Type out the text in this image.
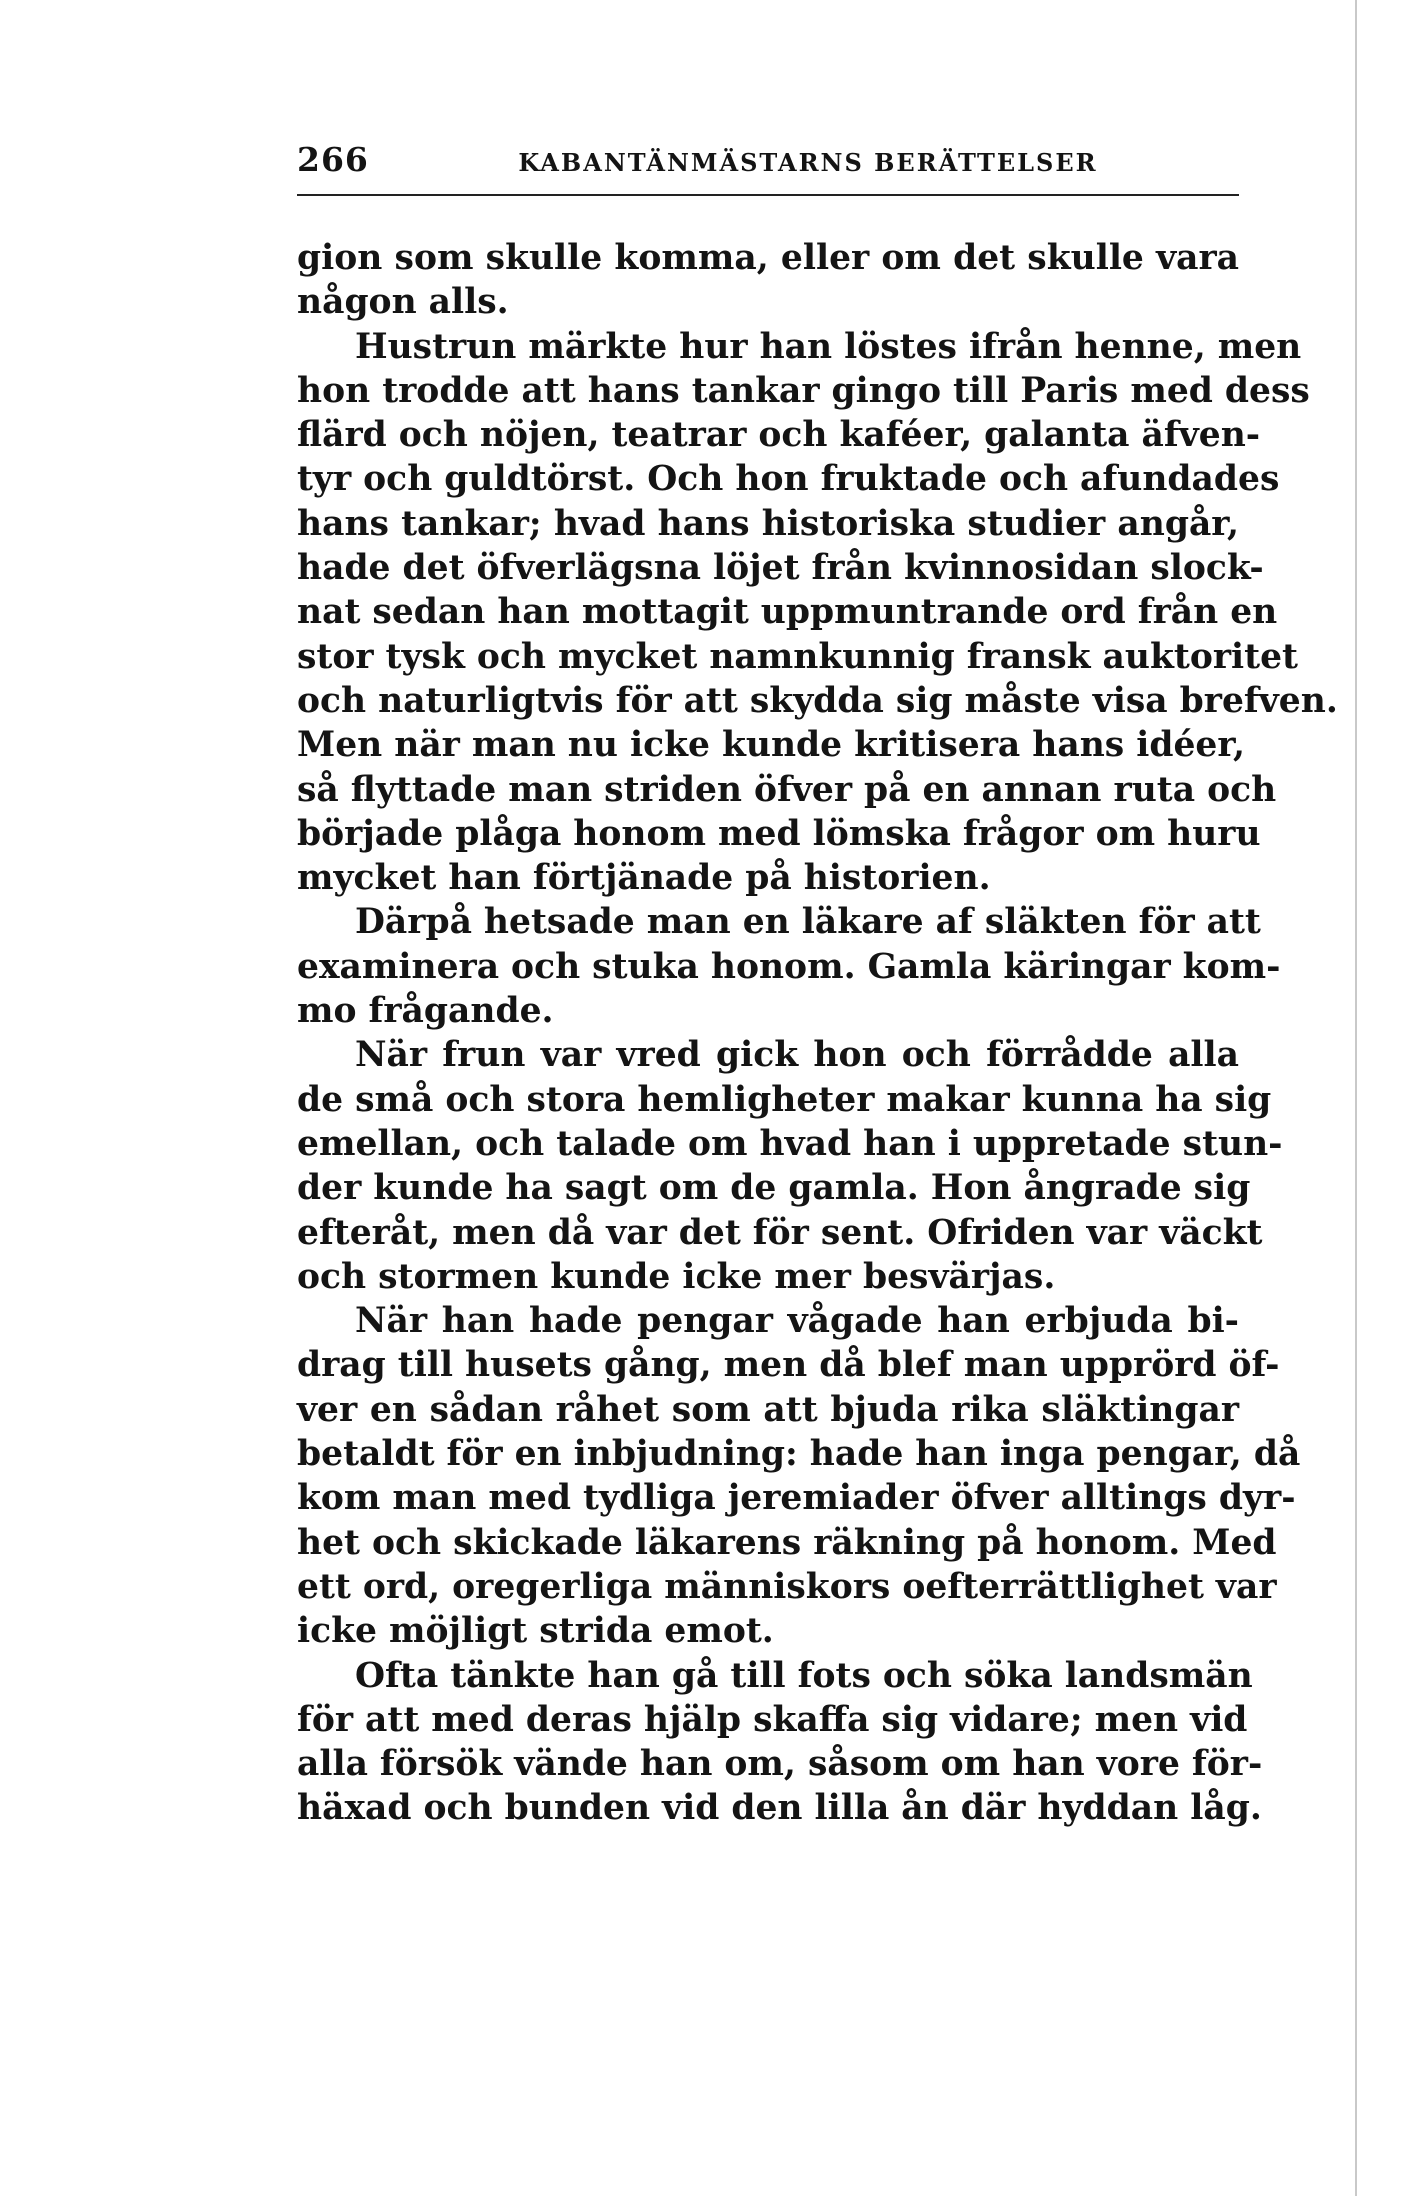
266	KABANTÄNMÄSTARNS BERÄTTELSER
gion som skulle komma, eller om det skulle vara
någon alls.
Hustrun märkte hur han löstes ifrån henne, men
hon trodde att hans tankar gingo till Paris med dess
flärd och nöjen, teatrar och kaféer, galanta äfven-
tyr och guldtörst. Och hon fruktade och afundades
hans tankar; hvad hans historiska studier angår,
hade det öfverlägsna löjet från kvinnosidan slock-
nat sedan han mottagit uppmuntrande ord från en
stor tysk och mycket namnkunnig fransk auktoritet
och naturligtvis för att skydda sig måste visa brefven.
Men när man nu icke kunde kritisera hans idéer,
så flyttade man striden öfver på en annan ruta och
började plåga honom med lömska frågor om huru
mycket han förtjänade på historien.
Därpå hetsade man en läkare af släkten för att
examinera och stuka honom. Gamla käringar kom-
mo frågande.
När frun var vred gick hon och förrådde alla
de små och stora hemligheter makar kunna ha sig
emellan, och talade om hvad han i uppretade stun-
der kunde ha sagt om de gamla. Hon ångrade sig
efteråt, men då var det för sent. Ofriden var väckt
och stormen kunde icke mer besvärjas.
När han hade pengar vågade han erbjuda bi-
drag till husets gång, men då blef man upprörd öf-
ver en sådan råhet som att bjuda rika släktingar
betaldt för en inbjudning: hade han inga pengar, då
kom man med tydliga jeremiader öfver alltings dyr-
het och skickade läkarens räkning på honom. Med
ett ord, oregerliga människors oefterrättlighet var
icke möjligt strida emot.
Ofta tänkte han gå till fots och söka landsmän
för att med deras hjälp skaffa sig vidare; men vid
alla försök vände han om, såsom om han vore för-
häxad och bunden vid den lilla ån där hyddan låg.
